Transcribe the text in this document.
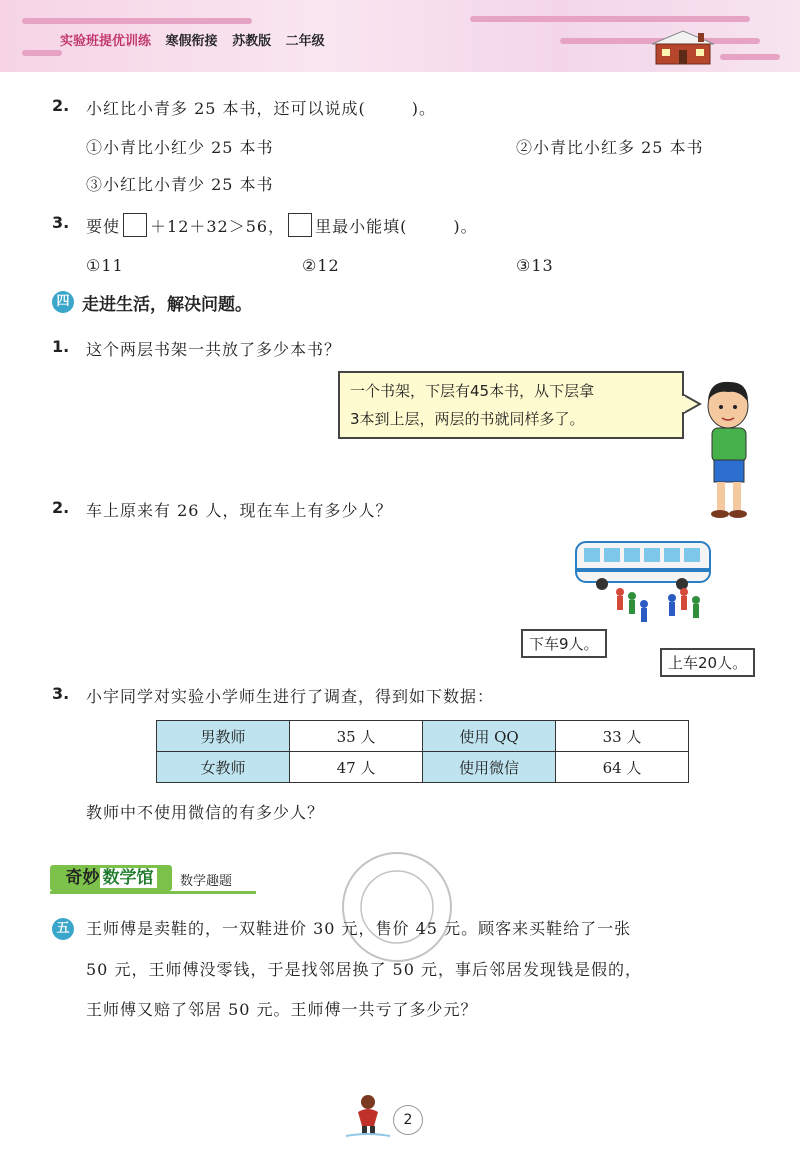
实验班提优训练 寒假衔接 苏教版 二年级
2. 小红比小青多 25 本书，还可以说成(	)。
①小青比小红少 25 本书	②小青比小红多 25 本书
③小红比小青少 25 本书
3. 要使 ＋12＋32＞56， 里最小能填(	)。
①11	②12	③13
四 走进生活，解决问题。
1. 这个两层书架一共放了多少本书？
一个书架，下层有45本书，从下层拿
3本到上层，两层的书就同样多了。
2. 车上原来有 26 人，现在车上有多少人？
下车9人。
上车20人。
3. 小宇同学对实验小学师生进行了调查，得到如下数据：
男教师	35 人	使用 QQ	33 人
女教师	47 人	使用微信	64 人
教师中不使用微信的有多少人？
奇妙 数学馆	数学趣题
五 王师傅是卖鞋的，一双鞋进价 30 元，售价 45 元。顾客来买鞋给了一张
50 元，王师傅没零钱，于是找邻居换了 50 元，事后邻居发现钱是假的，
王师傅又赔了邻居 50 元。王师傅一共亏了多少元？
2
